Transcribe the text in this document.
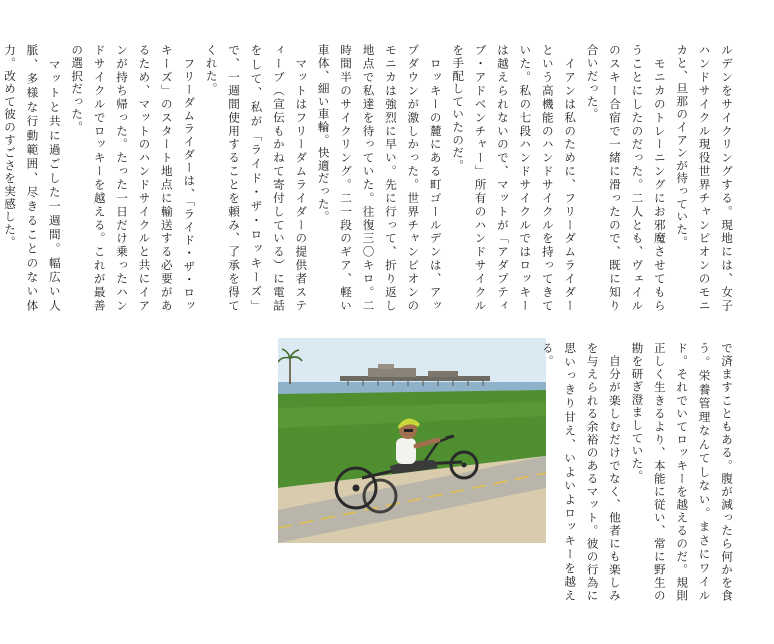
ルデンをサイクリングする。現地には、女子ハンドサイクル現役世界チャンピオンのモニカと、旦那のイアンが待っていた。
　モニカのトレーニングにお邪魔させてもらうことにしたのだった。二人とも、ヴェイルのスキー合宿で一緒に滑ったので、既に知り合いだった。
　イアンは私のために、フリーダムライダーという高機能のハンドサイクルを持ってきていた。私の七段ハンドサイクルではロッキーは越えられないので、マットが「アダプティブ・アドベンチャー」所有のハンドサイクルを手配していたのだ。
　ロッキーの麓にある町ゴールデンは、アップダウンが激しかった。世界チャンピオンのモニカは強烈に早い。先に行って、折り返し地点で私達を待っていた。往復三〇キロ。二時間半のサイクリング。二一段のギア、軽い車体、細い車輪。快適だった。
　マットはフリーダムライダーの提供者スティーブ（宣伝もかねて寄付している）に電話をして、私が「ライド・ザ・ロッキーズ」で、一週間使用することを頼み、了承を得てくれた。
　フリーダムライダーは、「ライド・ザ・ロッキーズ」のスタート地点に輸送する必要があるため、マットのハンドサイクルと共にイアンが持ち帰った。たった一日だけ乗ったハンドサイクルでロッキーを越える。これが最善の選択だった。
　マットと共に過ごした一週間。幅広い人脈、多様な行動範囲、尽きることのない体力。改めて彼のすごさを実感した。

で済ますこともある。腹が減ったら何かを食う。栄養管理なんてしない。まさにワイルド。それでいてロッキーを越えるのだ。規則正しく生きるより、本能に従い、常に野生の勘を研ぎ澄ましていた。
　自分が楽しむだけでなく、他者にも楽しみを与えられる余裕のあるマット。彼の行為に思いっきり甘え、いよいよロッキーを越える。
